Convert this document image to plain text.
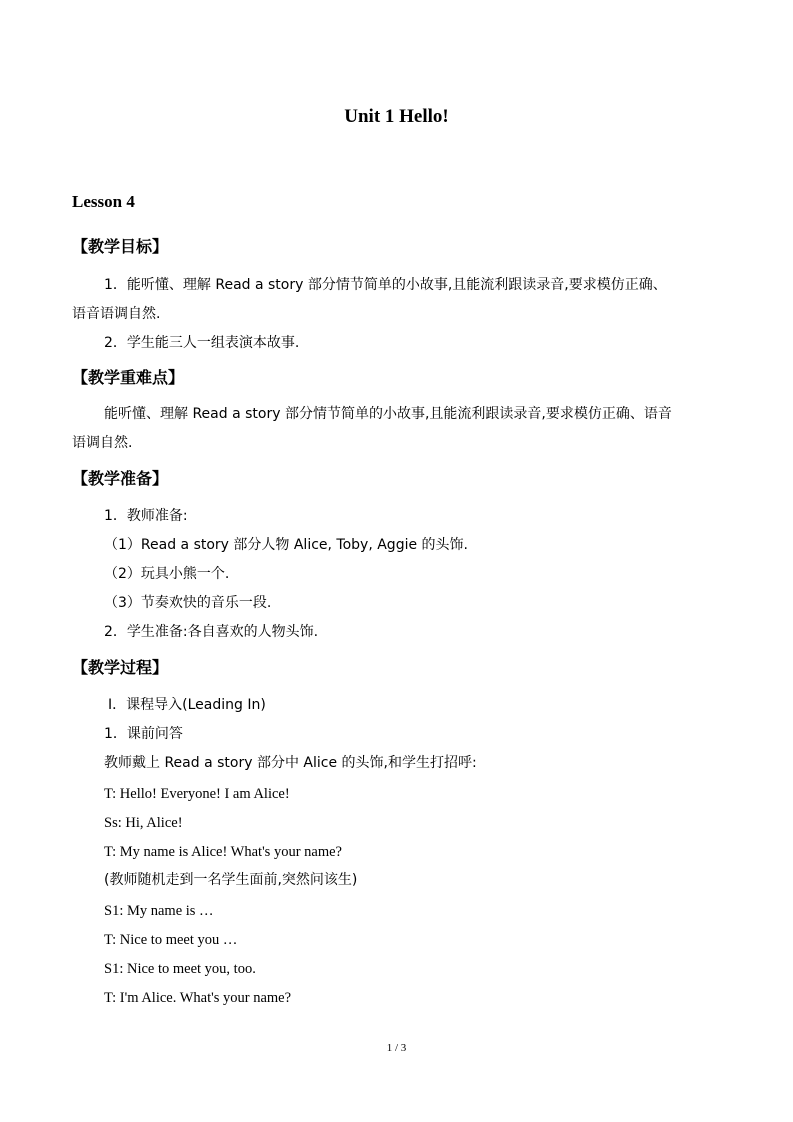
Unit 1 Hello!
Lesson 4
【教学目标】
1．能听懂、理解 Read a story 部分情节简单的小故事,且能流利跟读录音,要求模仿正确、
语音语调自然.
2．学生能三人一组表演本故事.
【教学重难点】
能听懂、理解 Read a story 部分情节简单的小故事,且能流利跟读录音,要求模仿正确、语音
语调自然.
【教学准备】
1．教师准备:
（1）Read a story 部分人物 Alice, Toby, Aggie 的头饰.
（2）玩具小熊一个.
（3）节奏欢快的音乐一段.
2．学生准备:各自喜欢的人物头饰.
【教学过程】
Ⅰ．课程导入(Leading In)
1．课前问答
教师戴上 Read a story 部分中 Alice 的头饰,和学生打招呼:
T: Hello! Everyone! I am Alice!
Ss: Hi, Alice!
T: My name is Alice! What's your name?
(教师随机走到一名学生面前,突然问该生)
S1: My name is …
T: Nice to meet you …
S1: Nice to meet you, too.
T: I'm Alice. What's your name?
1 / 3
